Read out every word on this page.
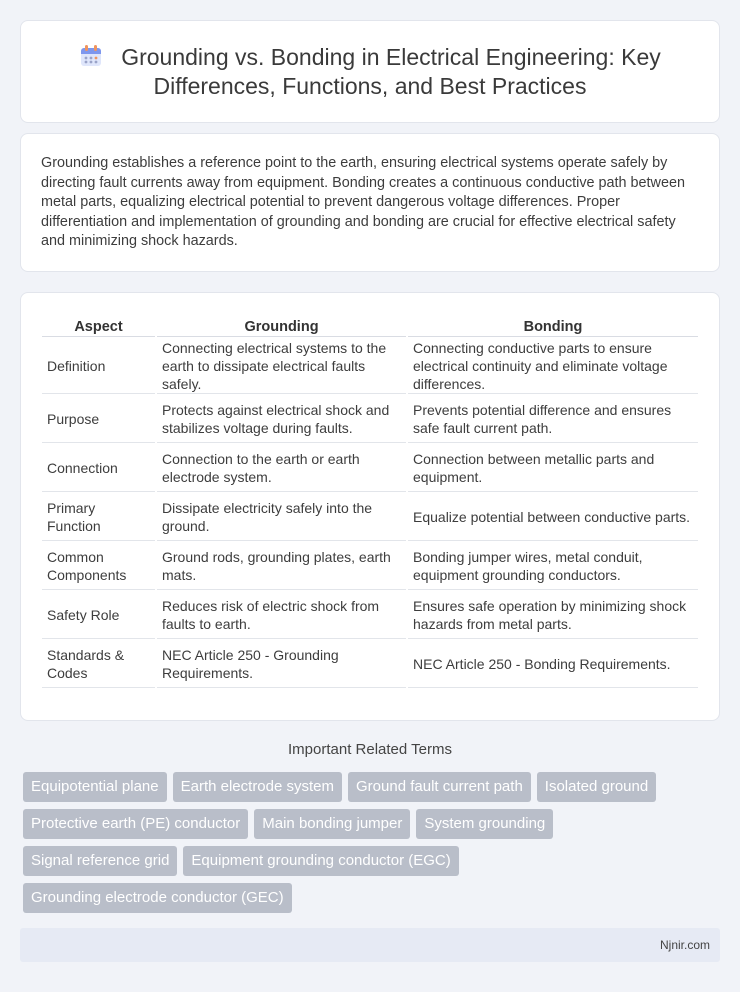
Grounding vs. Bonding in Electrical Engineering: Key Differences, Functions, and Best Practices

Grounding establishes a reference point to the earth, ensuring electrical systems operate safely by directing fault currents away from equipment. Bonding creates a continuous conductive path between metal parts, equalizing electrical potential to prevent dangerous voltage differences. Proper differentiation and implementation of grounding and bonding are crucial for effective electrical safety and minimizing shock hazards.

Aspect	Grounding	Bonding
Definition	Connecting electrical systems to the earth to dissipate electrical faults safely.	Connecting conductive parts to ensure electrical continuity and eliminate voltage differences.
Purpose	Protects against electrical shock and stabilizes voltage during faults.	Prevents potential difference and ensures safe fault current path.
Connection	Connection to the earth or earth electrode system.	Connection between metallic parts and equipment.
Primary Function	Dissipate electricity safely into the ground.	Equalize potential between conductive parts.
Common Components	Ground rods, grounding plates, earth mats.	Bonding jumper wires, metal conduit, equipment grounding conductors.
Safety Role	Reduces risk of electric shock from faults to earth.	Ensures safe operation by minimizing shock hazards from metal parts.
Standards & Codes	NEC Article 250 - Grounding Requirements.	NEC Article 250 - Bonding Requirements.
Important Related Terms
Equipotential plane	Earth electrode system	Ground fault current path	Isolated ground
Protective earth (PE) conductor	Main bonding jumper	System grounding
Signal reference grid	Equipment grounding conductor (EGC)
Grounding electrode conductor (GEC)
Njnir.com
